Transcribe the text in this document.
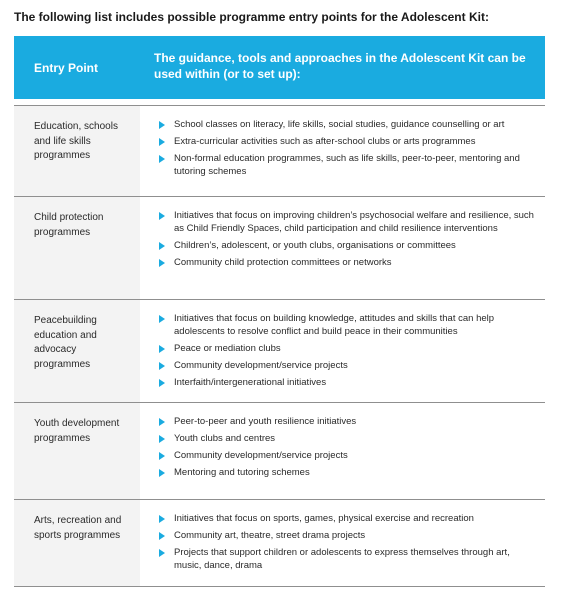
The following list includes possible programme entry points for the Adolescent Kit:
Entry Point
The guidance, tools and approaches in the Adolescent Kit can be used within (or to set up):
Education, schools and life skills programmes
School classes on literacy, life skills, social studies, guidance counselling or art
Extra-curricular activities such as after-school clubs or arts programmes
Non-formal education programmes, such as life skills, peer-to-peer, mentoring and tutoring schemes
Child protection programmes
Initiatives that focus on improving children’s psychosocial welfare and resilience, such as Child Friendly Spaces, child participation and child resilience interventions
Children’s, adolescent, or youth clubs, organisations or committees
Community child protection committees or networks
Peacebuilding education and advocacy programmes
Initiatives that focus on building knowledge, attitudes and skills that can help adolescents to resolve conflict and build peace in their communities
Peace or mediation clubs
Community development/service projects
Interfaith/intergenerational initiatives
Youth development programmes
Peer-to-peer and youth resilience initiatives
Youth clubs and centres
Community development/service projects
Mentoring and tutoring schemes
Arts, recreation and sports programmes
Initiatives that focus on sports, games, physical exercise and recreation
Community art, theatre, street drama projects
Projects that support children or adolescents to express themselves through art, music, dance, drama
